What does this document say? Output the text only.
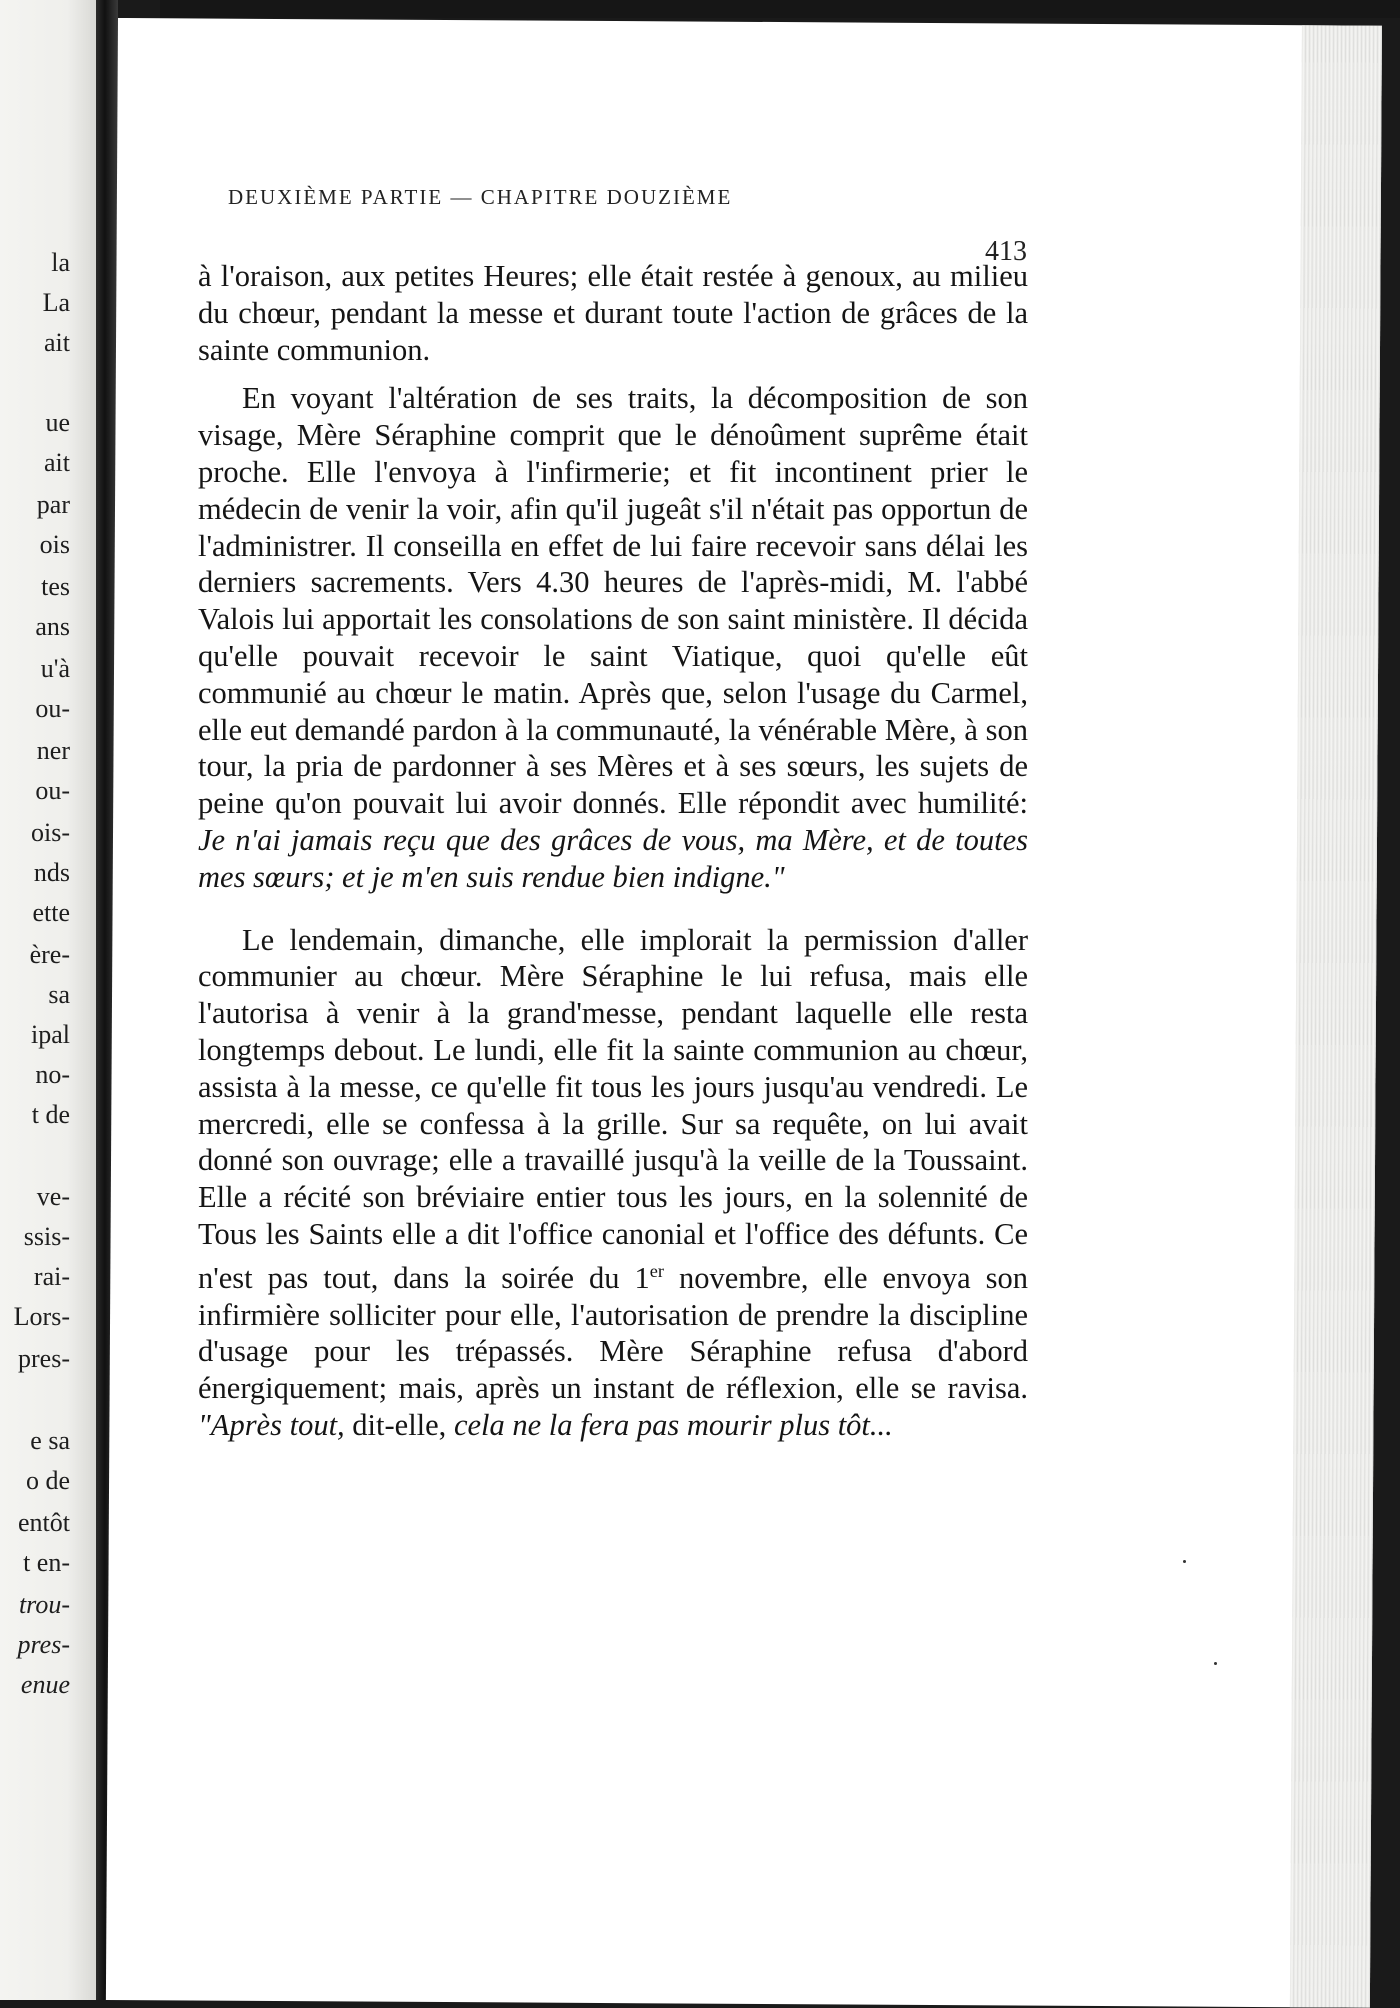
la
La
ait
ue
ait
par
ois
tes
ans
u'à
ou-
ner
ou-
ois-
nds
ette
ère-
sa
ipal
no-
t de
ve-
ssis-
rai-
Lors-
pres-
e sa
o de
entôt
t en-
trou-
pres-
enue
DEUXIÈME PARTIE — CHAPITRE DOUZIÈME
413

à l'oraison, aux petites Heures; elle était restée à genoux, au milieu du chœur, pendant la messe et durant toute l'action de grâces de la sainte communion.

En voyant l'altération de ses traits, la décomposition de son visage, Mère Séraphine comprit que le dénoûment suprême était proche. Elle l'envoya à l'infirmerie; et fit incontinent prier le médecin de venir la voir, afin qu'il jugeât s'il n'était pas opportun de l'administrer. Il conseilla en effet de lui faire recevoir sans délai les derniers sacrements. Vers 4.30 heures de l'après-midi, M. l'abbé Valois lui apportait les consolations de son saint ministère. Il décida qu'elle pouvait recevoir le saint Viatique, quoi qu'elle eût communié au chœur le matin. Après que, selon l'usage du Carmel, elle eut demandé pardon à la communauté, la vénérable Mère, à son tour, la pria de pardonner à ses Mères et à ses sœurs, les sujets de peine qu'on pouvait lui avoir donnés. Elle répondit avec humilité: Je n'ai jamais reçu que des grâces de vous, ma Mère, et de toutes mes sœurs; et je m'en suis rendue bien indigne."

Le lendemain, dimanche, elle implorait la permission d'aller communier au chœur. Mère Séraphine le lui refusa, mais elle l'autorisa à venir à la grand'messe, pendant laquelle elle resta longtemps debout. Le lundi, elle fit la sainte communion au chœur, assista à la messe, ce qu'elle fit tous les jours jusqu'au vendredi. Le mercredi, elle se confessa à la grille. Sur sa requête, on lui avait donné son ouvrage; elle a travaillé jusqu'à la veille de la Toussaint. Elle a récité son bréviaire entier tous les jours, en la solennité de Tous les Saints elle a dit l'office canonial et l'office des défunts. Ce n'est pas tout, dans la soirée du 1er novembre, elle envoya son infirmière solliciter pour elle, l'autorisation de prendre la discipline d'usage pour les trépassés. Mère Séraphine refusa d'abord énergiquement; mais, après un instant de réflexion, elle se ravisa. "Après tout, dit-elle, cela ne la fera pas mourir plus tôt...
